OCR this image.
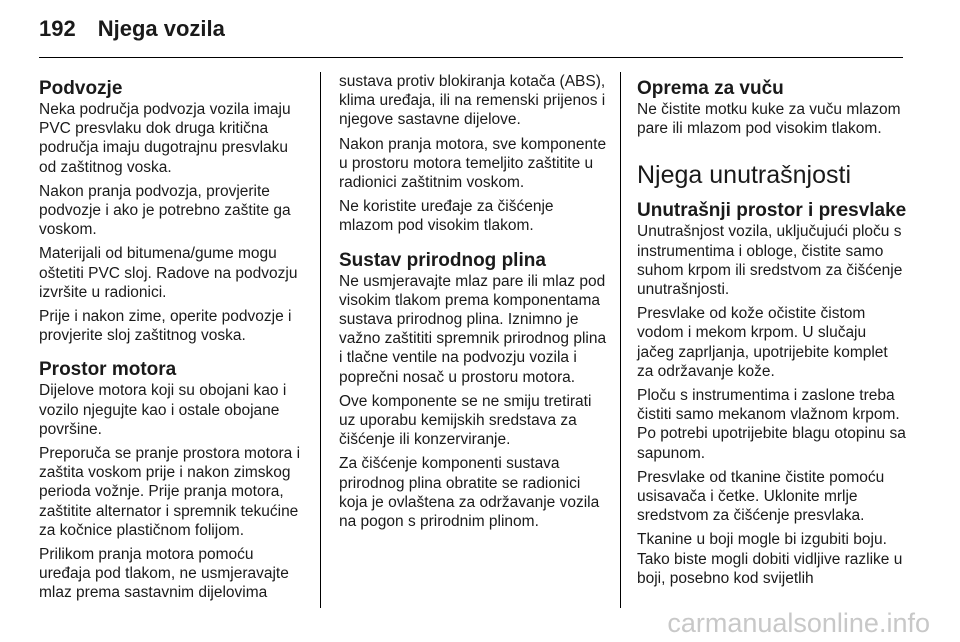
192 Njega vozila
Podvozje

Neka područja podvozja vozila imaju PVC presvlaku dok druga kritična područja imaju dugotrajnu presvlaku od zaštitnog voska.

Nakon pranja podvozja, provjerite podvozje i ako je potrebno zaštite ga voskom.

Materijali od bitumena/gume mogu oštetiti PVC sloj. Radove na podvozju izvršite u radionici.

Prije i nakon zime, operite podvozje i provjerite sloj zaštitnog voska.

Prostor motora

Dijelove motora koji su obojani kao i vozilo njegujte kao i ostale obojane površine.

Preporuča se pranje prostora motora i zaštita voskom prije i nakon zimskog perioda vožnje. Prije pranja motora, zaštitite alternator i spremnik tekućine za kočnice plastičnom folijom.

Prilikom pranja motora pomoću uređaja pod tlakom, ne usmjeravajte mlaz prema sastavnim dijelovima

sustava protiv blokiranja kotača (ABS), klima uređaja, ili na remenski prijenos i njegove sastavne dijelove.

Nakon pranja motora, sve komponente u prostoru motora temeljito zaštitite u radionici zaštitnim voskom.

Ne koristite uređaje za čišćenje mlazom pod visokim tlakom.

Sustav prirodnog plina

Ne usmjeravajte mlaz pare ili mlaz pod visokim tlakom prema komponentama sustava prirodnog plina. Iznimno je važno zaštititi spremnik prirodnog plina i tlačne ventile na podvozju vozila i poprečni nosač u prostoru motora.

Ove komponente se ne smiju tretirati uz uporabu kemijskih sredstava za čišćenje ili konzerviranje.

Za čišćenje komponenti sustava prirodnog plina obratite se radionici koja je ovlaštena za održavanje vozila na pogon s prirodnim plinom.

Oprema za vuču

Ne čistite motku kuke za vuču mlazom pare ili mlazom pod visokim tlakom.

Njega unutrašnjosti
Unutrašnji prostor i presvlake

Unutrašnjost vozila, uključujući ploču s instrumentima i obloge, čistite samo suhom krpom ili sredstvom za čišćenje unutrašnjosti.

Presvlake od kože očistite čistom vodom i mekom krpom. U slučaju jačeg zaprljanja, upotrijebite komplet za održavanje kože.

Ploču s instrumentima i zaslone treba čistiti samo mekanom vlažnom krpom. Po potrebi upotrijebite blagu otopinu sa sapunom.

Presvlake od tkanine čistite pomoću usisavača i četke. Uklonite mrlje sredstvom za čišćenje presvlaka.

Tkanine u boji mogle bi izgubiti boju. Tako biste mogli dobiti vidljive razlike u boji, posebno kod svijetlih

carmanualsonline.info
